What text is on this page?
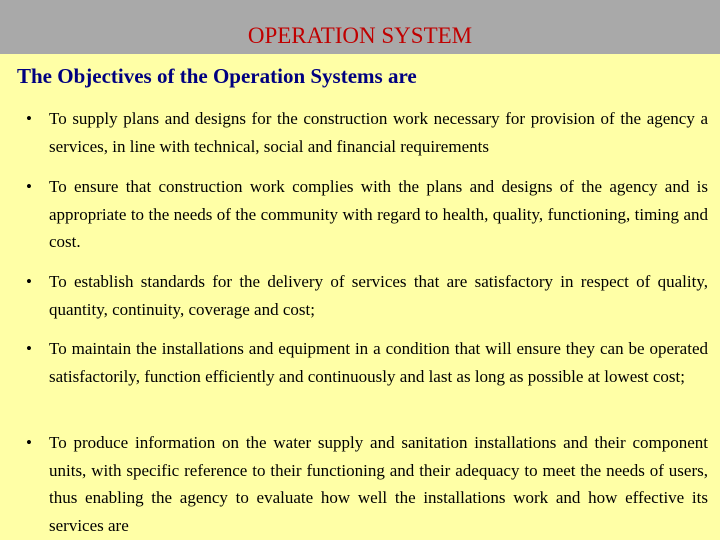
OPERATION SYSTEM
The Objectives of the Operation Systems are
• To supply plans and designs for the construction work necessary for provision of the agency a services, in line with technical, social and financial requirements
• To ensure that construction work complies with the plans and designs of the agency and is appropriate to the needs of the community with regard to health, quality, functioning, timing and cost.
• To establish standards for the delivery of services that are satisfactory in respect of quality, quantity, continuity, coverage and cost;
• To maintain the installations and equipment in a condition that will ensure they can be operated satisfactorily, function efficiently and continuously and last as long as possible at lowest cost;
• To produce information on the water supply and sanitation installations and their component units, with specific reference to their functioning and their adequacy to meet the needs of users, thus enabling the agency to evaluate how well the installations work and how effective its services are
